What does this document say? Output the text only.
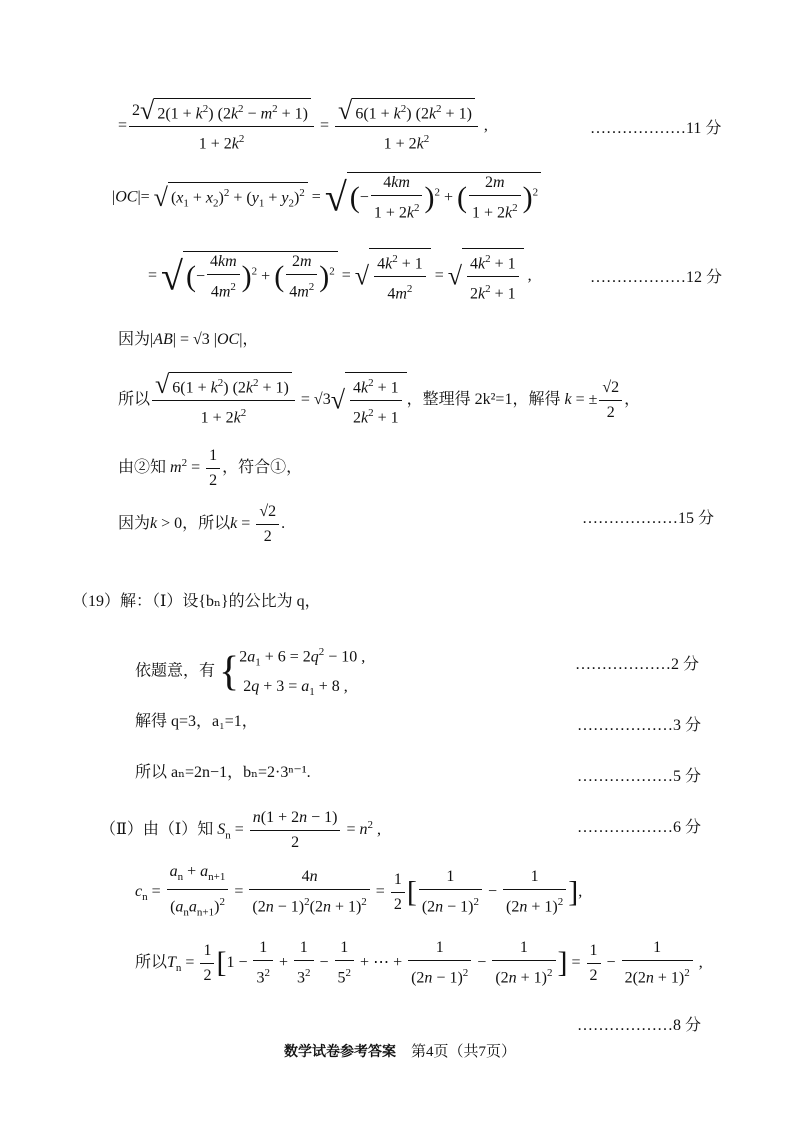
= $\frac{2√ 2(1 + k^2) (2k^2 - m^2 + 1)}{1 + 2k^2} = \frac{√ 6(1 + k^2) (2k^2 + 1)}{1 + 2k^2}$ ,	………………11 分
|OC|= √ $(x_1 + x_2)^2 + (y_1 + y_2)^2$ = √ (− $\frac{4km}{1 + 2k^2} )^2$ + ( $\frac{2m}{1 + 2k^2} )^2$
= √ (− $\frac{4km}{4m^2} )^2$ + ( $\frac{2m}{4m^2} )^2$ = √ $\frac{4k^2 + 1}{4m^2}$ = √ $\frac{4k^2 + 1}{2k^2 + 1}$ ,	………………12 分
因为|AB| = √3 |OC|，
所以 $\frac{√ 6(1 + k^2) (2k^2 + 1)}{1 + 2k^2} = √3√ \frac{4k^2 + 1}{2k^2 + 1}$ ，整理得 2k²=1，解得 k = ± $\frac{√2}{2}$ ，
由②知 $m^2 = \frac{1}{2}$ ，符合①，
因为k > 0，所以$k = \frac{√2}{2}$ .	………………15 分
（19）解：（Ⅰ）设{bₙ}的公比为 q，
依题意，有 {$2a_1 + 6 = 2q^2 - 10$ ,
$2q + 3 = a_1 + 8$ ,
………………2 分
解得 q=3，a₁=1，	………………3 分
所以 aₙ=2n−1，bₙ=2·3ⁿ⁻¹.	………………5 分
（Ⅱ）由（Ⅰ）知 $S_n = \frac{n(1 + 2n - 1)}{2} = n^2$ ,	………………6 分
$c_n = \frac{a_n + a_{n+1}}{(a_na_{n+1})^2} = \frac{4n}{(2n - 1)^2(2n + 1)^2} = \frac{1}{2}$ [ $\frac{1}{(2n - 1)^2} - \frac{1}{(2n + 1)^2}$ ],
所以$T_n = \frac{1}{2} [1 - \frac{1}{3^2} + \frac{1}{3^2} - \frac{1}{5^2}$ + ⋯ + $\frac{1}{(2n - 1)^2} - \frac{1}{(2n + 1)^2}$ ] = $\frac{1}{2} - \frac{1}{2(2n + 1)^2}$ ,
………………8 分
数学试卷参考答案 第4页（共7页）
